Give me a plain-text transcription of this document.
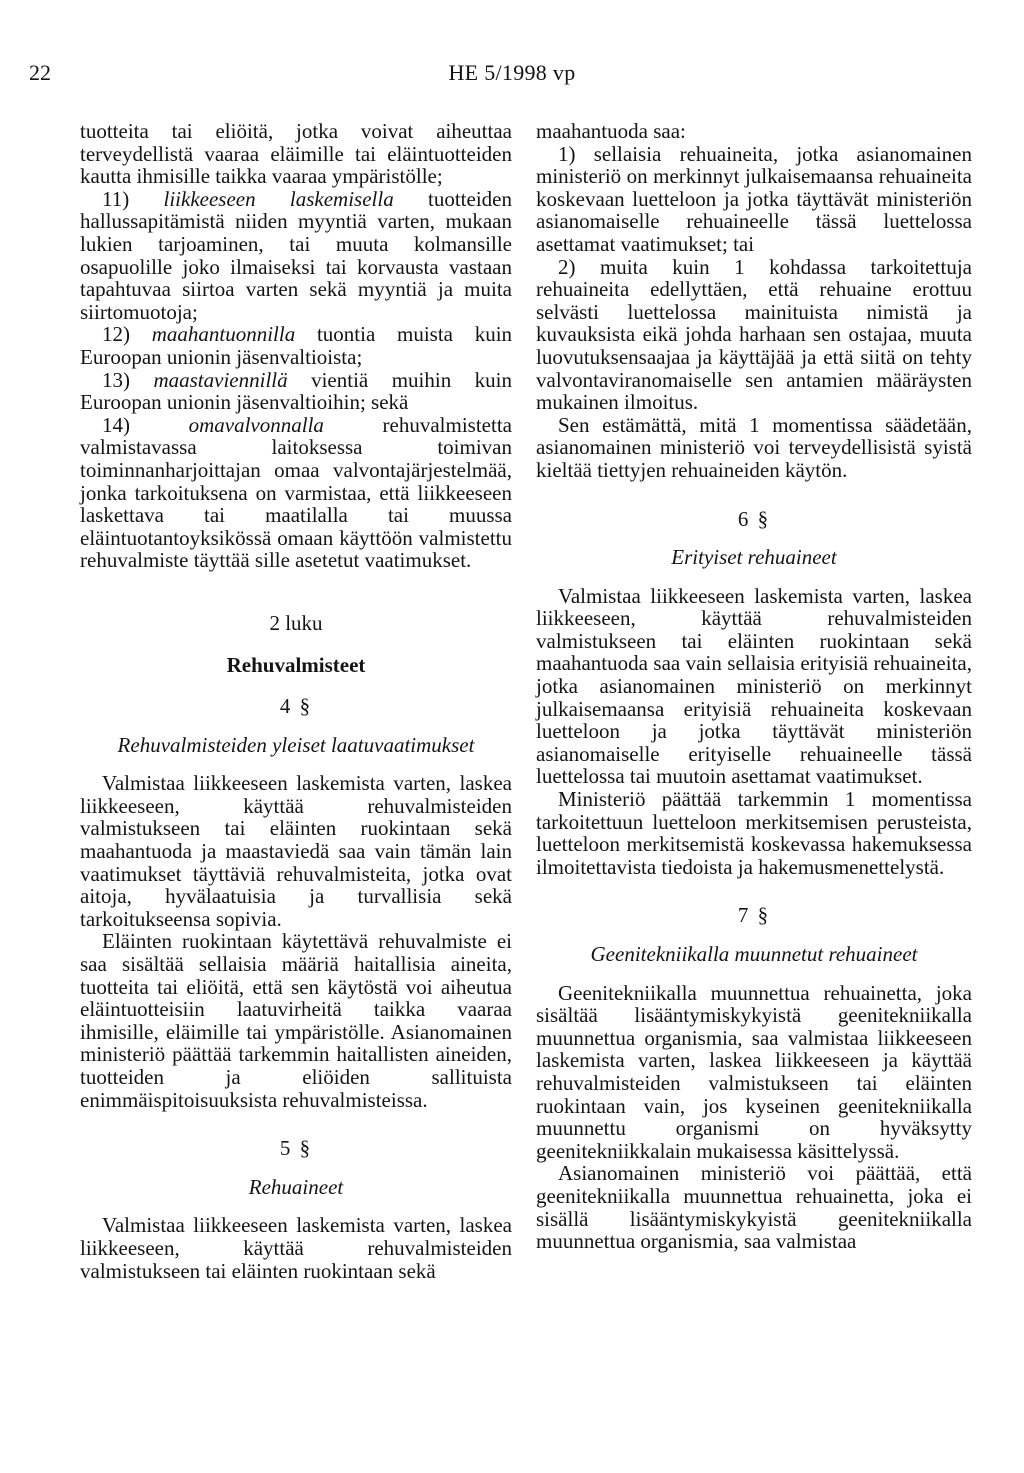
22	HE 5/1998 vp

tuotteita tai eliöitä, jotka voivat aiheuttaa terveydellistä vaaraa eläimille tai eläintuotteiden kautta ihmisille taikka vaaraa ympäristölle;

11) liikkeeseen laskemisella tuotteiden hallussapitämistä niiden myyntiä varten, mukaan lukien tarjoaminen, tai muuta kolmansille osapuolille joko ilmaiseksi tai korvausta vastaan tapahtuvaa siirtoa varten sekä myyntiä ja muita siirtomuotoja;

12) maahantuonnilla tuontia muista kuin Euroopan unionin jäsenvaltioista;

13) maastaviennillä vientiä muihin kuin Euroopan unionin jäsenvaltioihin; sekä

14)	omavalvonnalla	rehuvalmistetta valmistavassa laitoksessa toimivan toiminnanharjoittajan omaa valvontajärjestelmää, jonka tarkoituksena on varmistaa, että liikkeeseen laskettava tai maatilalla tai muussa eläintuotantoyksikössä omaan käyttöön valmistettu rehuvalmiste täyttää sille asetetut vaatimukset.

2 luku
Rehuvalmisteet
4 §
Rehuvalmisteiden yleiset laatuvaatimukset

Valmistaa liikkeeseen laskemista varten, laskea liikkeeseen, käyttää rehuvalmisteiden valmistukseen tai eläinten ruokintaan sekä maahantuoda ja maastaviedä saa vain tämän lain vaatimukset täyttäviä rehuvalmisteita, jotka ovat aitoja, hyvälaatuisia ja turvallisia sekä tarkoitukseensa sopivia.

Eläinten ruokintaan käytettävä rehuvalmiste ei saa sisältää sellaisia määriä haitallisia aineita, tuotteita tai eliöitä, että sen käytöstä voi aiheutua eläintuotteisiin laatuvirheitä taikka vaaraa ihmisille, eläimille tai ympäristölle. Asianomainen ministeriö päättää tarkemmin haitallisten aineiden, tuotteiden ja eliöiden sallituista enimmäispitoisuuksista rehuvalmisteissa.

5 §
Rehuaineet

Valmistaa liikkeeseen laskemista varten, laskea liikkeeseen, käyttää rehuvalmisteiden valmistukseen tai eläinten ruokintaan sekä

maahantuoda saa:

1) sellaisia rehuaineita, jotka asianomainen ministeriö on merkinnyt julkaisemaansa rehuaineita koskevaan luetteloon ja jotka täyttävät ministeriön asianomaiselle rehuaineelle tässä luettelossa asettamat vaatimukset; tai

2) muita kuin 1 kohdassa tarkoitettuja rehuaineita edellyttäen, että rehuaine erottuu selvästi luettelossa mainituista nimistä ja kuvauksista eikä johda harhaan sen ostajaa, muuta luovutuksensaajaa ja käyttäjää ja että siitä on tehty valvontaviranomaiselle sen antamien määräysten mukainen ilmoitus.

Sen estämättä, mitä 1 momentissa säädetään, asianomainen ministeriö voi terveydellisistä syistä kieltää tiettyjen rehuaineiden käytön.

6 §
Erityiset rehuaineet

Valmistaa liikkeeseen laskemista varten, laskea liikkeeseen, käyttää rehuvalmisteiden valmistukseen tai eläinten ruokintaan sekä maahantuoda saa vain sellaisia erityisiä rehuaineita, jotka asianomainen ministeriö on merkinnyt julkaisemaansa erityisiä rehuaineita koskevaan luetteloon ja jotka täyttävät ministeriön asianomaiselle erityiselle rehuaineelle tässä luettelossa tai muutoin asettamat vaatimukset.

Ministeriö päättää tarkemmin 1 momentissa tarkoitettuun luetteloon merkitsemisen perusteista, luetteloon merkitsemistä koskevassa hakemuksessa ilmoitettavista tiedoista ja hakemusmenettelystä.

7 §
Geenitekniikalla muunnetut rehuaineet

Geenitekniikalla muunnettua rehuainetta, joka sisältää lisääntymiskykyistä geenitekniikalla muunnettua organismia, saa valmistaa liikkeeseen laskemista varten, laskea liikkeeseen ja käyttää rehuvalmisteiden valmistukseen tai eläinten ruokintaan vain, jos kyseinen geenitekniikalla muunnettu organismi on hyväksytty geenitekniikkalain mukaisessa käsittelyssä.

Asianomainen ministeriö voi päättää, että geenitekniikalla muunnettua rehuainetta, joka ei sisällä lisääntymiskykyistä geenitekniikalla muunnettua organismia, saa valmistaa
